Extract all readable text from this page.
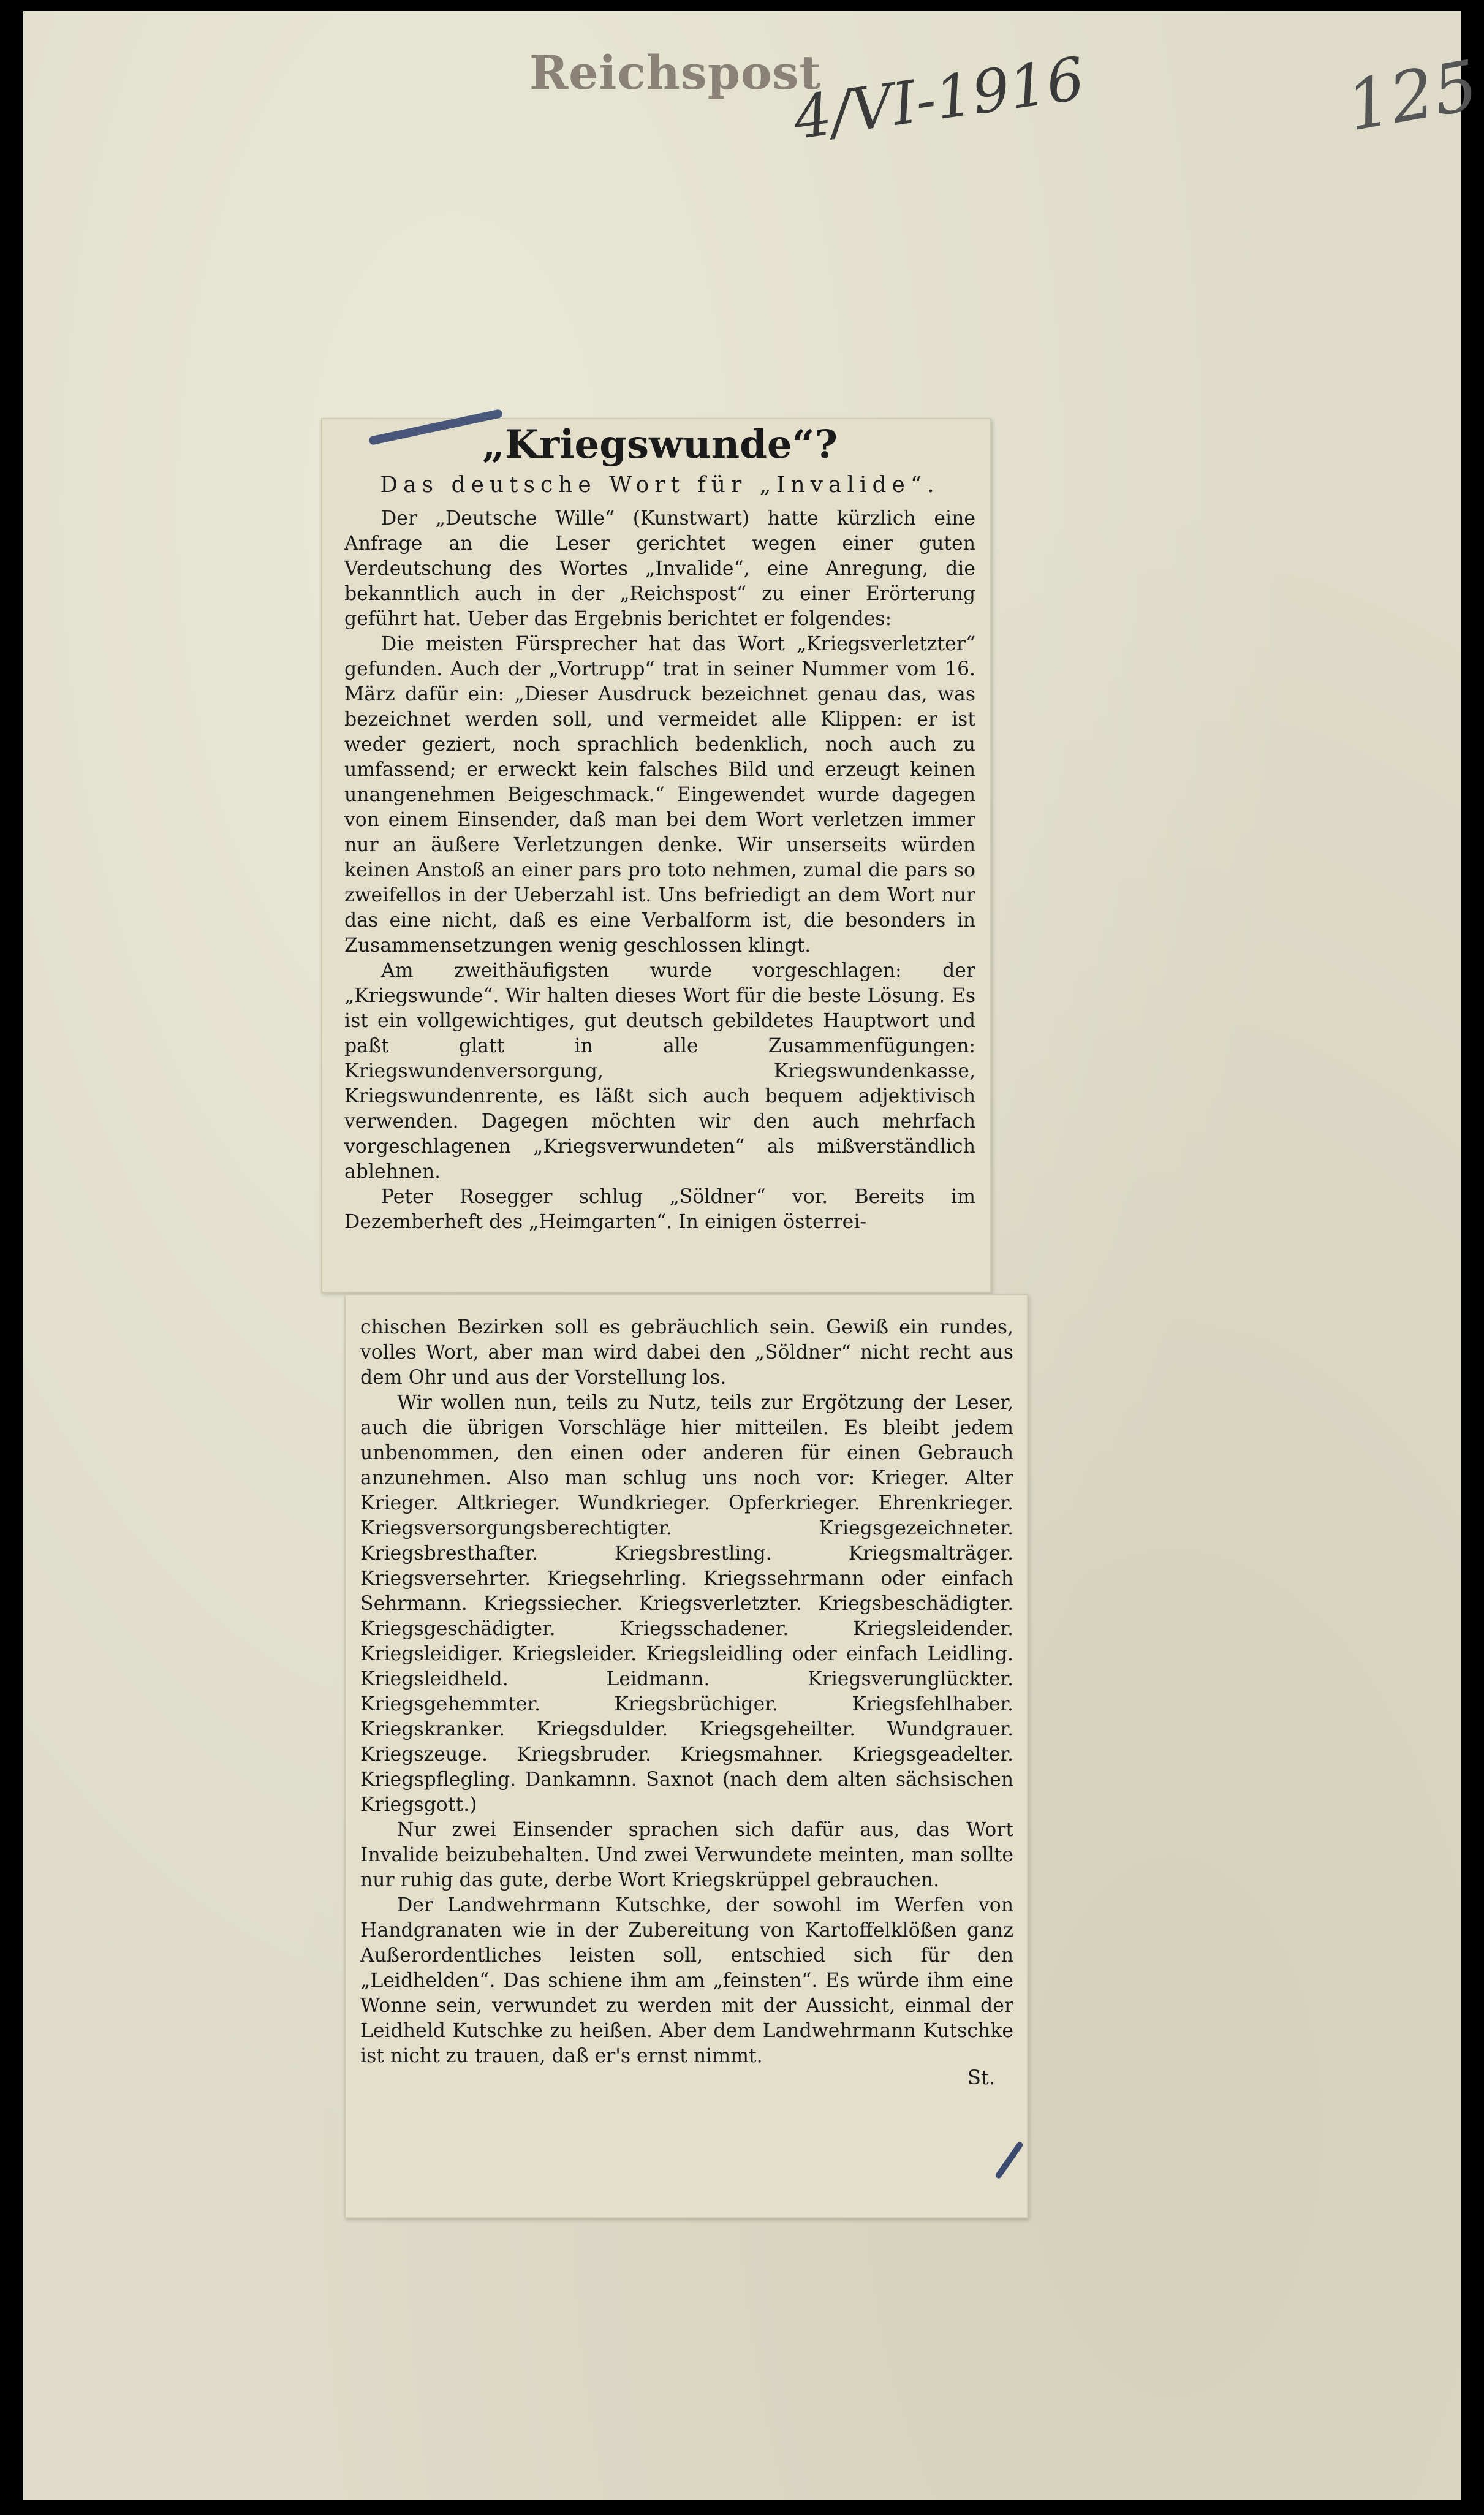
Reichspost
4/VI-1916	125
„Kriegswunde“?
Das deutsche Wort für „Invalide“.

Der „Deutsche Wille“ (Kunstwart) hatte kürzlich eine Anfrage an die Leser gerichtet wegen einer guten Verdeutschung des Wortes „Invalide“, eine Anregung, die bekanntlich auch in der „Reichspost“ zu einer Erörterung geführt hat. Ueber das Ergebnis berichtet er folgendes:

Die meisten Fürsprecher hat das Wort „Kriegsverletzter“ gefunden. Auch der „Vortrupp“ trat in seiner Nummer vom 16. März dafür ein: „Dieser Ausdruck bezeichnet genau das, was bezeichnet werden soll, und vermeidet alle Klippen: er ist weder geziert, noch sprachlich bedenklich, noch auch zu umfassend; er erweckt kein falsches Bild und erzeugt keinen unangenehmen Beigeschmack.“ Eingewendet wurde dagegen von einem Einsender, daß man bei dem Wort verletzen immer nur an äußere Verletzungen denke. Wir unserseits würden keinen Anstoß an einer pars pro toto nehmen, zumal die pars so zweifellos in der Ueberzahl ist. Uns befriedigt an dem Wort nur das eine nicht, daß es eine Verbalform ist, die besonders in Zusammensetzungen wenig geschlossen klingt.

Am zweithäufigsten wurde vorgeschlagen: der „Kriegswunde“. Wir halten dieses Wort für die beste Lösung. Es ist ein vollgewichtiges, gut deutsch gebildetes Hauptwort und paßt glatt in alle Zusammenfügungen: Kriegswundenversorgung, Kriegswundenkasse, Kriegswundenrente, es läßt sich auch bequem adjektivisch verwenden. Dagegen möchten wir den auch mehrfach vorgeschlagenen „Kriegsverwundeten“ als mißverständlich ablehnen.

Peter Rosegger schlug „Söldner“ vor. Bereits im Dezemberheft des „Heimgarten“. In einigen österrei-

chischen Bezirken soll es gebräuchlich sein. Gewiß ein rundes, volles Wort, aber man wird dabei den „Söldner“ nicht recht aus dem Ohr und aus der Vorstellung los.

Wir wollen nun, teils zu Nutz, teils zur Ergötzung der Leser, auch die übrigen Vorschläge hier mitteilen. Es bleibt jedem unbenommen, den einen oder anderen für einen Gebrauch anzunehmen. Also man schlug uns noch vor: Krieger. Alter Krieger. Altkrieger. Wundkrieger. Opferkrieger. Ehrenkrieger. Kriegsversorgungsberechtigter. Kriegsgezeichneter. Kriegsbresthafter. Kriegsbrestling. Kriegsmalträger. Kriegsversehrter. Kriegsehrling. Kriegssehrmann oder einfach Sehrmann. Kriegssiecher. Kriegsverletzter. Kriegsbeschädigter. Kriegsgeschädigter. Kriegsschadener. Kriegsleidender. Kriegsleidiger. Kriegsleider. Kriegsleidling oder einfach Leidling. Kriegsleidheld. Leidmann. Kriegsverunglückter. Kriegsgehemmter. Kriegsbrüchiger. Kriegsfehlhaber. Kriegskranker. Kriegsdulder. Kriegsgeheilter. Wundgrauer. Kriegszeuge. Kriegsbruder. Kriegsmahner. Kriegsgeadelter. Kriegspflegling. Dankamnn. Saxnot (nach dem alten sächsischen Kriegsgott.)

Nur zwei Einsender sprachen sich dafür aus, das Wort Invalide beizubehalten. Und zwei Verwundete meinten, man sollte nur ruhig das gute, derbe Wort Kriegskrüppel gebrauchen.

Der Landwehrmann Kutschke, der sowohl im Werfen von Handgranaten wie in der Zubereitung von Kartoffelklößen ganz Außerordentliches leisten soll, entschied sich für den „Leidhelden“. Das schiene ihm am „feinsten“. Es würde ihm eine Wonne sein, verwundet zu werden mit der Aussicht, einmal der Leidheld Kutschke zu heißen. Aber dem Landwehrmann Kutschke ist nicht zu trauen, daß er's ernst nimmt.

St.
